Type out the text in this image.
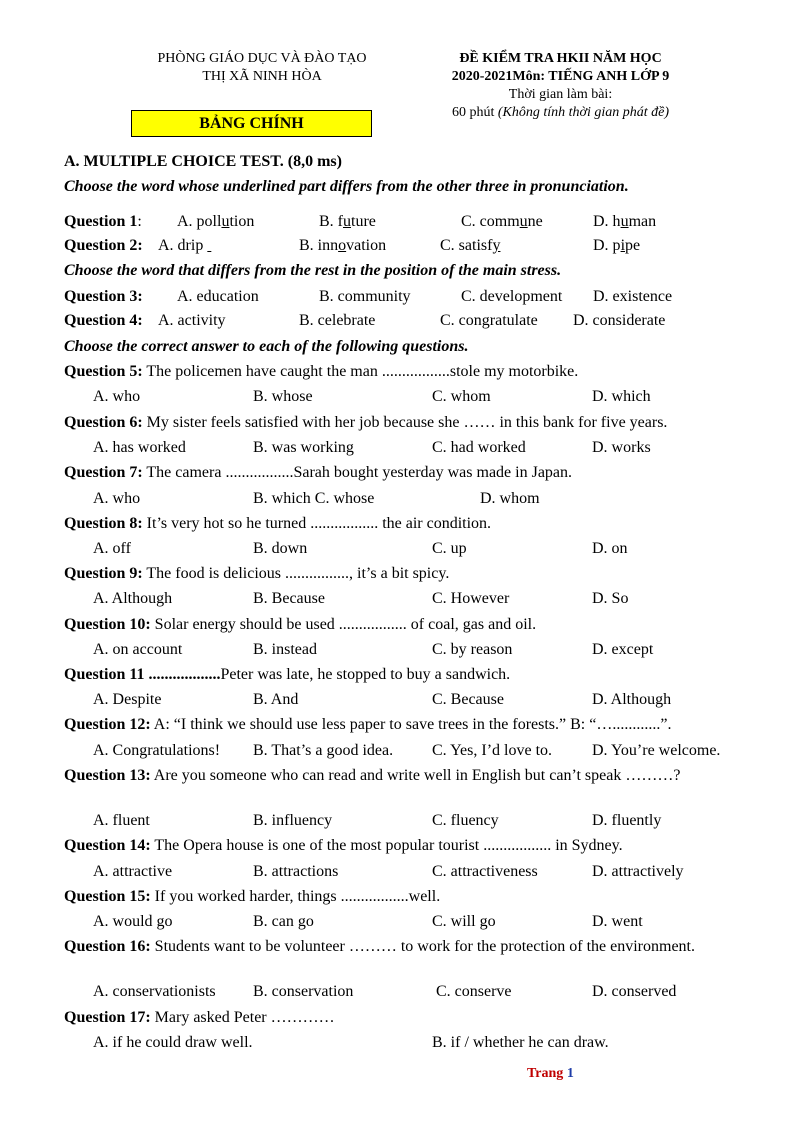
PHÒNG GIÁO DỤC VÀ ĐÀO TẠO
THỊ XÃ NINH HÒA
ĐỀ KIỂM TRA HKII NĂM HỌC
2020-2021Môn: TIẾNG ANH LỚP 9
Thời gian làm bài:
60 phút (Không tính thời gian phát đề)
BẢNG CHÍNH
A. MULTIPLE CHOICE TEST. (8,0 ms)
Choose the word whose underlined part differs from the other three in pronunciation.
Question 1: A. pollution	B. future	C. commune	D. human
Question 2: A. drip	B. innovation	C. satisfy	D. pipe
Choose the word that differs from the rest in the position of the main stress.
Question 3: A. education	B. community	C. development D. existence
Question 4: A. activity	B. celebrate	C. congratulate D. considerate
Choose the correct answer to each of the following questions.
Question 5: The policemen have caught the man .................stole my motorbike.
A. who	B. whose	C. whom	D. which
Question 6: My sister feels satisfied with her job because she …… in this bank for five years.
A. has worked	B. was working	C. had worked	D. works
Question 7: The camera .................Sarah bought yesterday was made in Japan.
A. who	B. which C. whose	D. whom
Question 8: It’s very hot so he turned ................. the air condition.
A. off	B. down	C. up	D. on
Question 9: The food is delicious ................, it’s a bit spicy.
A. Although	B. Because	C. However	D. So
Question 10: Solar energy should be used ................. of coal, gas and oil.
A. on account	B. instead	C. by reason	D. except
Question 11 ..................Peter was late, he stopped to buy a sandwich.
A. Despite	B. And	C. Because	D. Although
Question 12: A: “I think we should use less paper to save trees in the forests.” B: “…............”.
A. Congratulations! B. That’s a good idea. C. Yes, I’d love to. D. You’re welcome.
Question 13: Are you someone who can read and write well in English but can’t speak ………?
A. fluent	B. influency	C. fluency	D. fluently
Question 14: The Opera house is one of the most popular tourist ................. in Sydney.
A. attractive	B. attractions	C. attractiveness	D. attractively
Question 15: If you worked harder, things .................well.
A. would go	B. can go	C. will go	D. went
Question 16: Students want to be volunteer ……… to work for the protection of the environment.
A. conservationists B. conservation	C. conserve	D. conserved
Question 17: Mary asked Peter …………
A. if he could draw well.	B. if / whether he can draw.
Trang 1
